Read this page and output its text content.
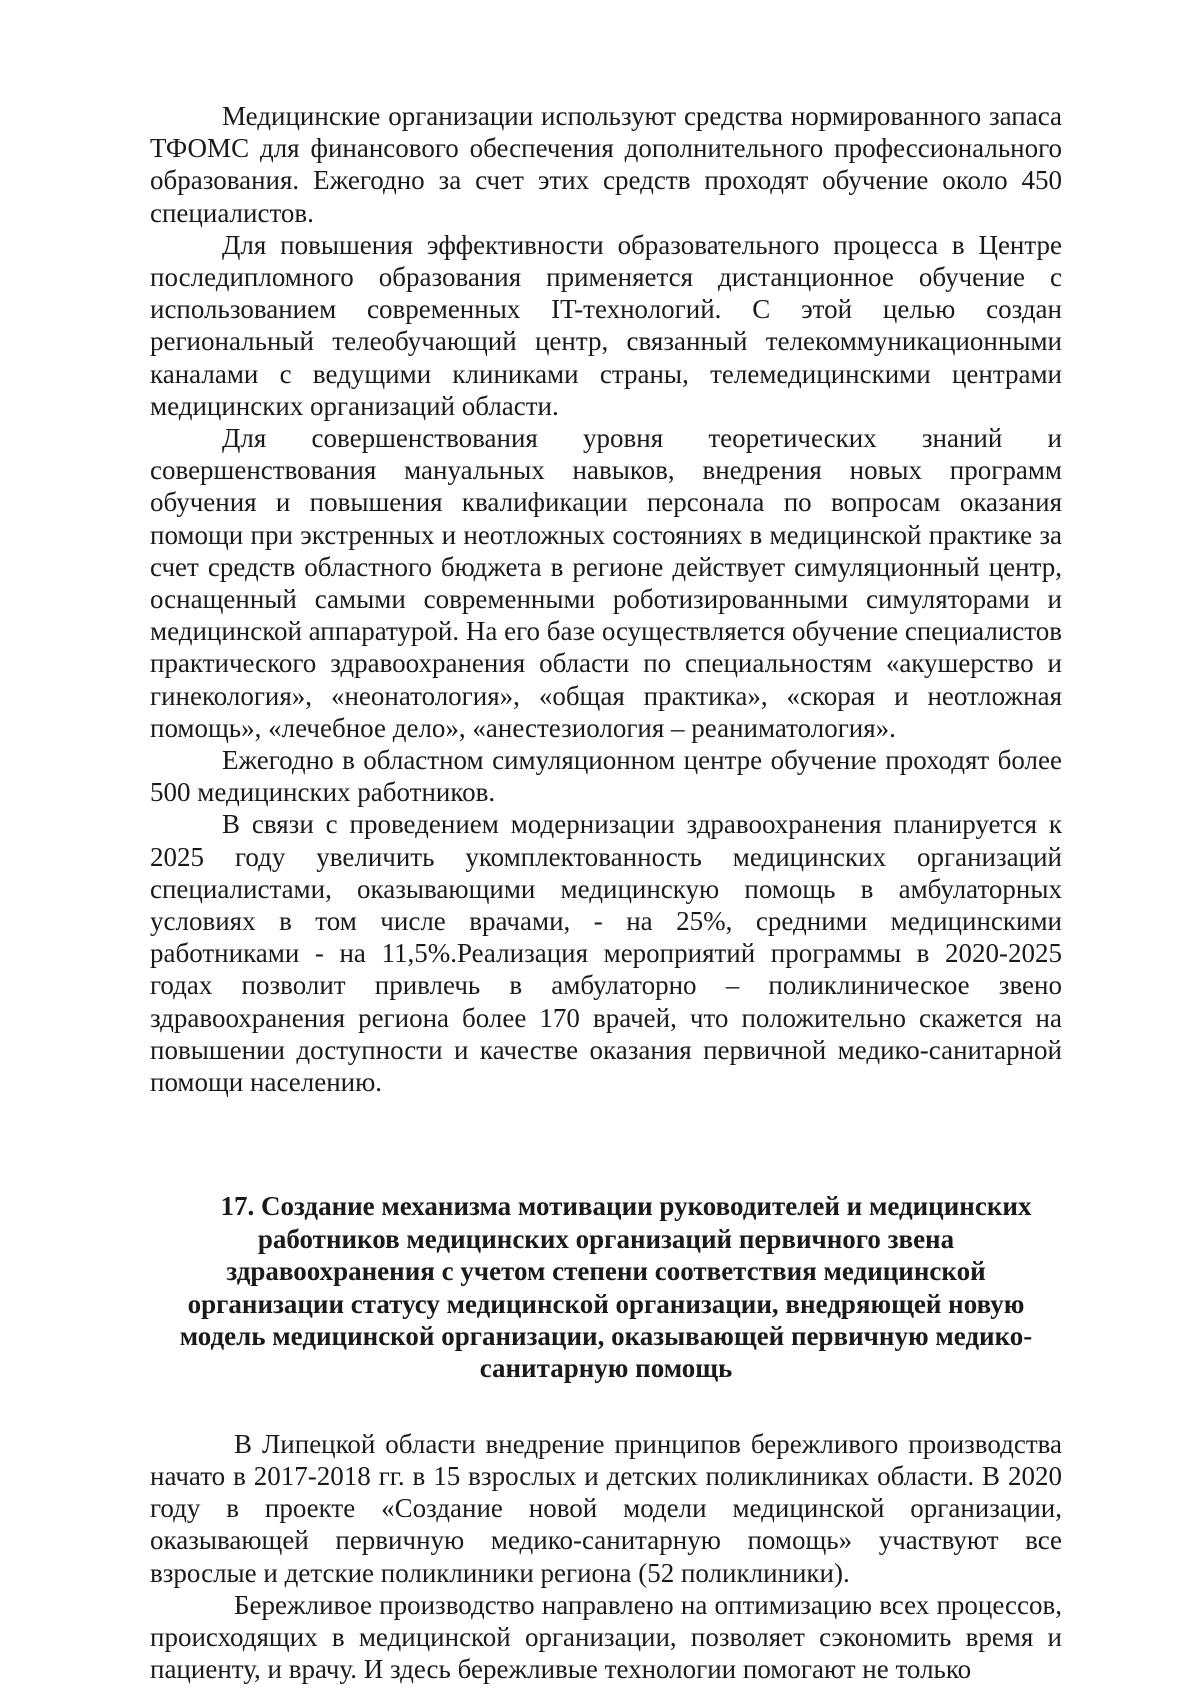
Медицинские организации используют средства нормированного запаса ТФОМС для финансового обеспечения дополнительного профессионального образования. Ежегодно за счет этих средств проходят обучение около 450 специалистов.

Для повышения эффективности образовательного процесса в Центре последипломного образования применяется дистанционное обучение с использованием современных IT-технологий. С этой целью создан региональный телеобучающий центр, связанный телекоммуникационными каналами с ведущими клиниками страны, телемедицинскими центрами медицинских организаций области.

Для совершенствования уровня теоретических знаний и совершенствования мануальных навыков, внедрения новых программ обучения и повышения квалификации персонала по вопросам оказания помощи при экстренных и неотложных состояниях в медицинской практике за счет средств областного бюджета в регионе действует симуляционный центр, оснащенный самыми современными роботизированными симуляторами и медицинской аппаратурой. На его базе осуществляется обучение специалистов практического здравоохранения области по специальностям «акушерство и гинекология», «неонатология», «общая практика», «скорая и неотложная помощь», «лечебное дело», «анестезиология – реаниматология».

Ежегодно в областном симуляционном центре обучение проходят более 500 медицинских работников.

В связи с проведением модернизации здравоохранения планируется к 2025 году увеличить укомплектованность медицинских организаций специалистами, оказывающими медицинскую помощь в амбулаторных условиях в том числе врачами, - на 25%, средними медицинскими работниками - на 11,5%.Реализация мероприятий программы в 2020-2025 годах позволит привлечь в амбулаторно – поликлиническое звено здравоохранения региона более 170 врачей, что положительно скажется на повышении доступности и качестве оказания первичной медико-санитарной помощи населению.

17. Создание механизма мотивации руководителей и медицинских работников медицинских организаций первичного звена здравоохранения с учетом степени соответствия медицинской организации статусу медицинской организации, внедряющей новую модель медицинской организации, оказывающей первичную медико-санитарную помощь

В Липецкой области внедрение принципов бережливого производства начато в 2017-2018 гг. в 15 взрослых и детских поликлиниках области. В 2020 году в проекте «Создание новой модели медицинской организации, оказывающей первичную медико-санитарную помощь» участвуют все взрослые и детские поликлиники региона (52 поликлиники).

Бережливое производство направлено на оптимизацию всех процессов, происходящих в медицинской организации, позволяет сэкономить время и пациенту, и врачу. И здесь бережливые технологии помогают не только
